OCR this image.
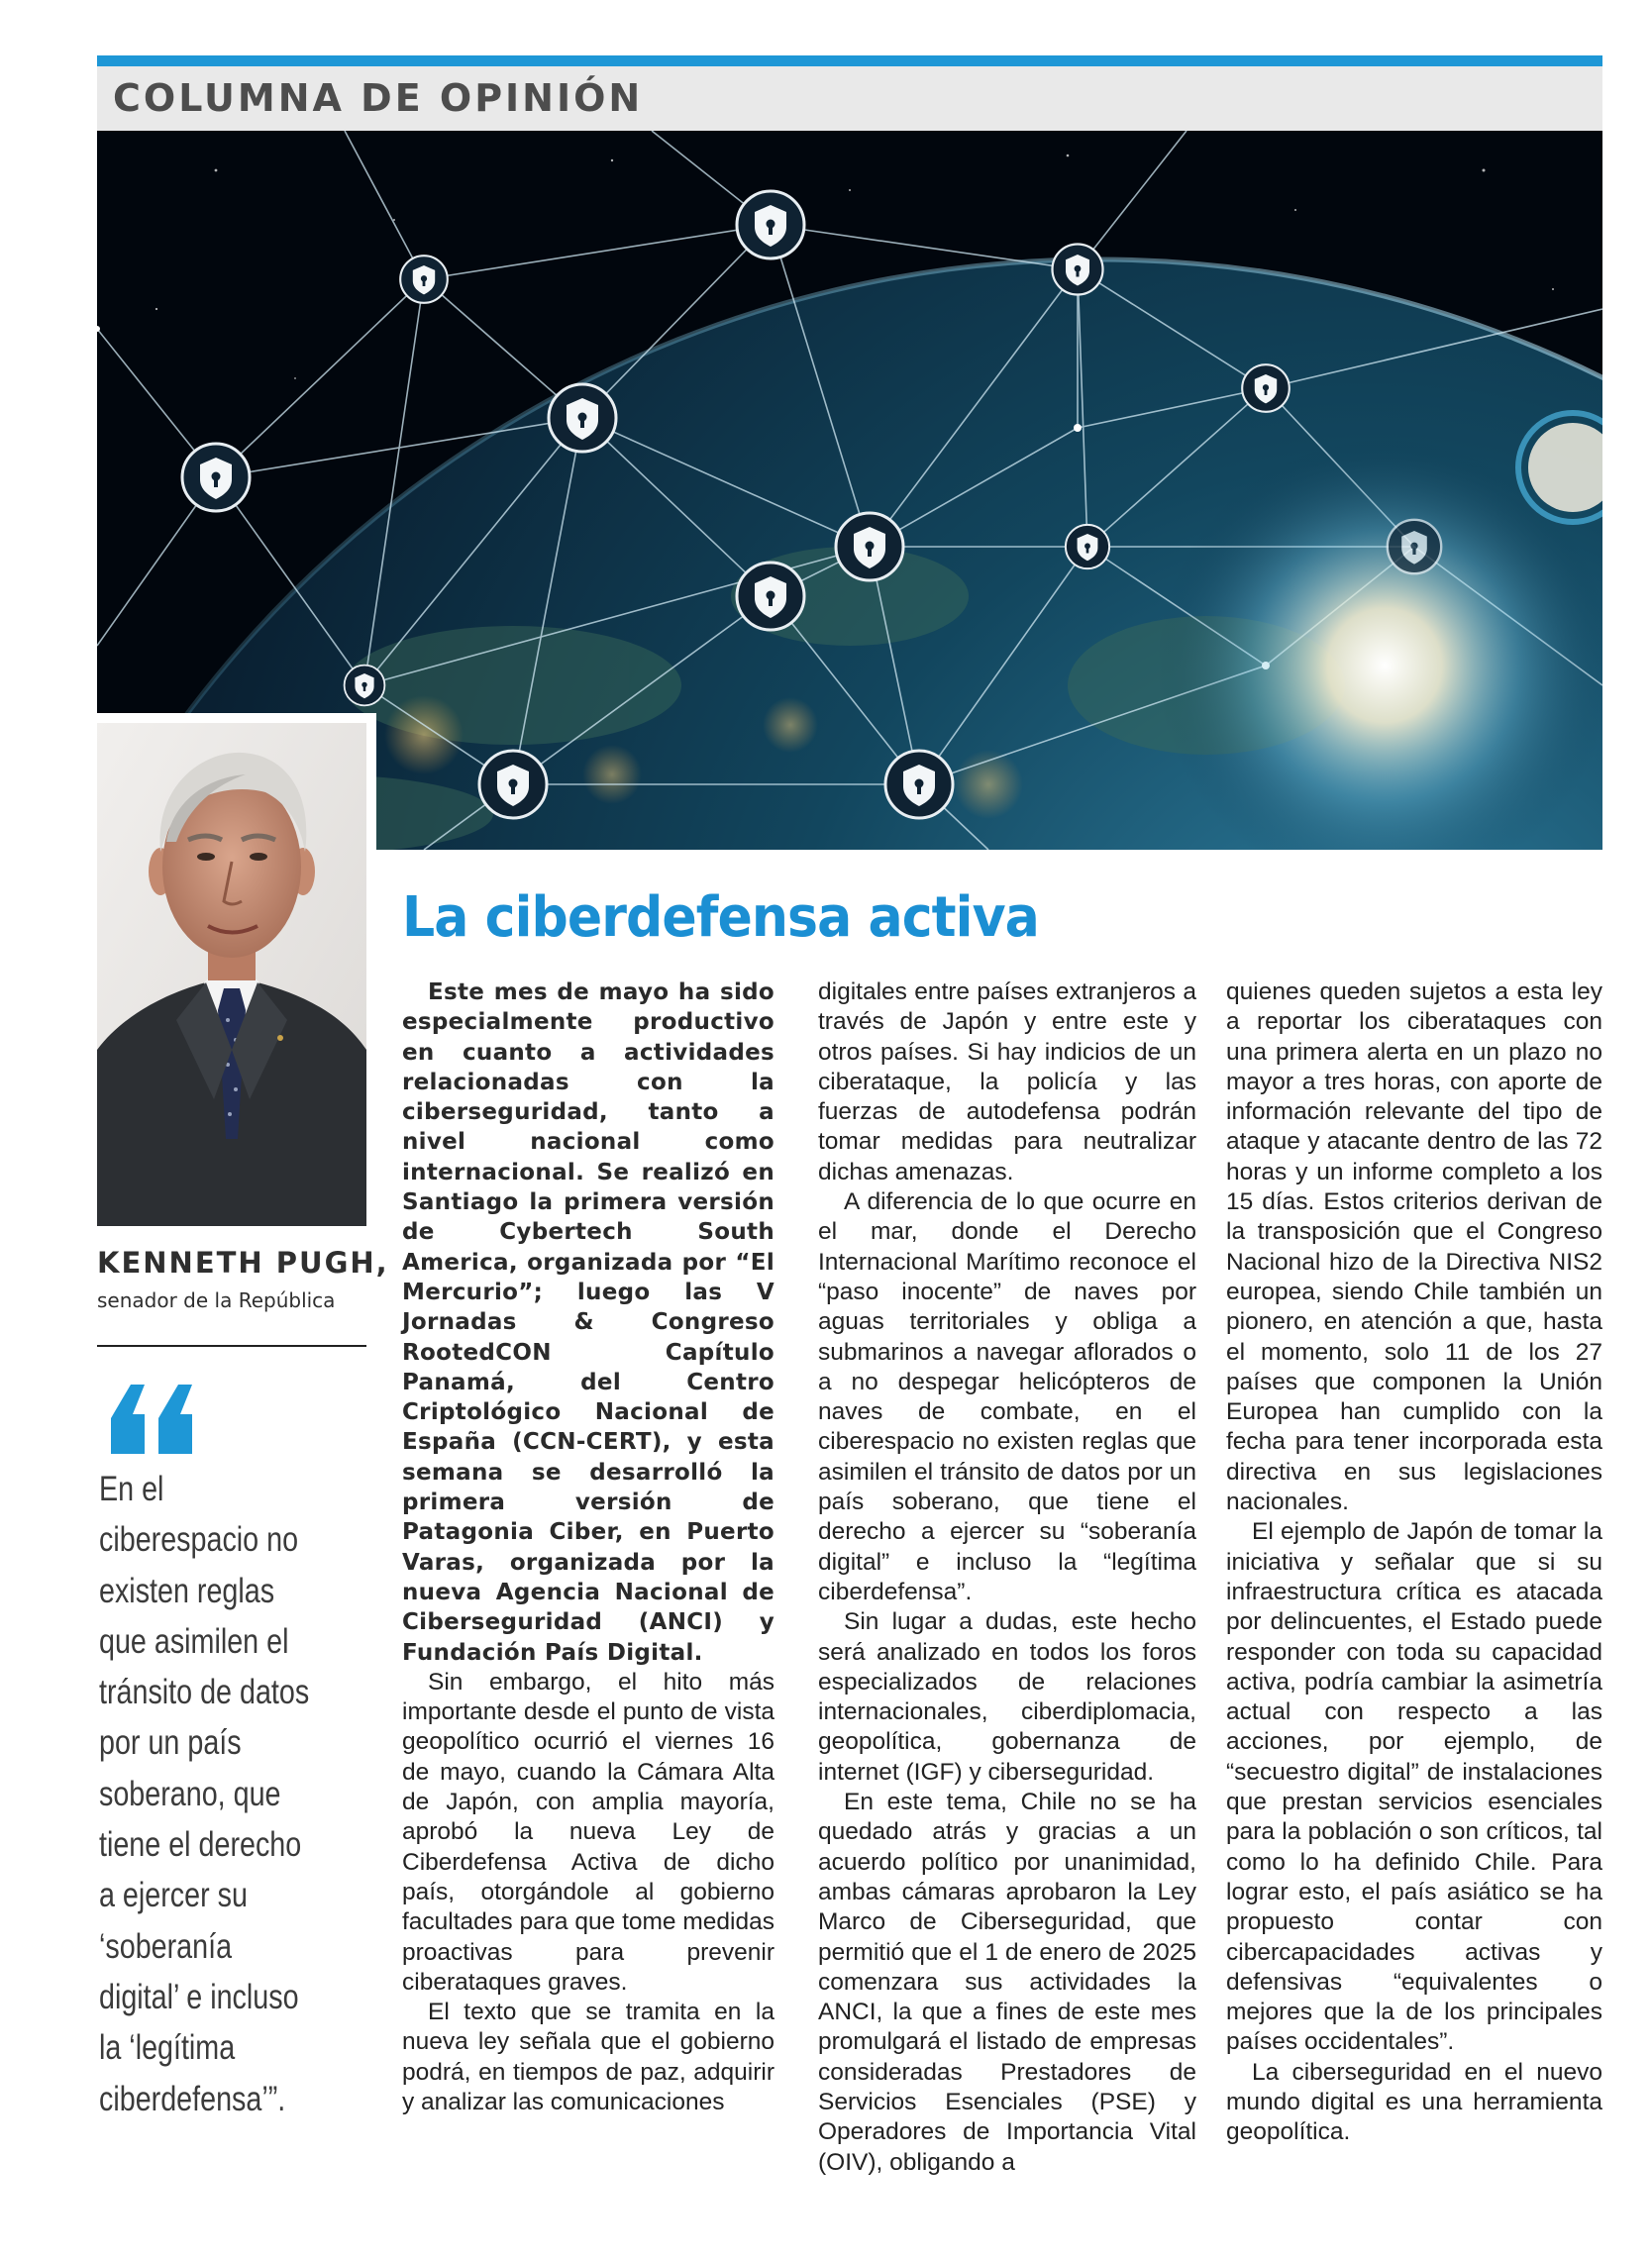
COLUMNA DE OPINIÓN
KENNETH PUGH,
senador de la República
En el
ciberespacio no
existen reglas
que asimilen el
tránsito de datos
por un país
soberano, que
tiene el derecho
a ejercer su
‘soberanía
digital’ e incluso
la ‘legítima
ciberdefensa’”.
La ciberdefensa activa

Este mes de mayo ha sido especialmente productivo en cuanto a actividades relacionadas con la ciberseguridad, tanto a nivel nacional como internacional. Se realizó en Santiago la primera versión de Cybertech South America, organizada por “El Mercurio”; luego las V Jornadas & Congreso RootedCON Capítulo Panamá, del Centro Criptológico Nacional de España (CCN-CERT), y esta semana se desarrolló la primera versión de Patagonia Ciber, en Puerto Varas, organizada por la nueva Agencia Nacional de Ciberseguridad (ANCI) y Fundación País Digital.

Sin embargo, el hito más importante desde el punto de vista geopolítico ocurrió el viernes 16 de mayo, cuando la Cámara Alta de Japón, con amplia mayoría, aprobó la nueva Ley de Ciberdefensa Activa de dicho país, otorgándole al gobierno facultades para que tome medidas proactivas para prevenir ciberataques graves.

El texto que se tramita en la nueva ley señala que el gobierno podrá, en tiempos de paz, adquirir y analizar las comunicaciones

digitales entre países extranjeros a través de Japón y entre este y otros países. Si hay indicios de un ciberataque, la policía y las fuerzas de autodefensa podrán tomar medidas para neutralizar dichas amenazas.

A diferencia de lo que ocurre en el mar, donde el Derecho Internacional Marítimo reconoce el “paso inocente” de naves por aguas territoriales y obliga a submarinos a navegar aflorados o a no despegar helicópteros de naves de combate, en el ciberespacio no existen reglas que asimilen el tránsito de datos por un país soberano, que tiene el derecho a ejercer su “soberanía digital” e incluso la “legítima ciberdefensa”.

Sin lugar a dudas, este hecho será analizado en todos los foros especializados de relaciones internacionales, ciberdiplomacia, geopolítica, gobernanza de internet (IGF) y ciberseguridad.

En este tema, Chile no se ha quedado atrás y gracias a un acuerdo político por unanimidad, ambas cámaras aprobaron la Ley Marco de Ciberseguridad, que permitió que el 1 de enero de 2025 comenzara sus actividades la ANCI, la que a fines de este mes promulgará el listado de empresas consideradas Prestadores de Servicios Esenciales (PSE) y Operadores de Importancia Vital (OIV), obligando a

quienes queden sujetos a esta ley a reportar los ciberataques con una primera alerta en un plazo no mayor a tres horas, con aporte de información relevante del tipo de ataque y atacante dentro de las 72 horas y un informe completo a los 15 días. Estos criterios derivan de la transposición que el Congreso Nacional hizo de la Directiva NIS2 europea, siendo Chile también un pionero, en atención a que, hasta el momento, solo 11 de los 27 países que componen la Unión Europea han cumplido con la fecha para tener incorporada esta directiva en sus legislaciones nacionales.

El ejemplo de Japón de tomar la iniciativa y señalar que si su infraestructura crítica es atacada por delincuentes, el Estado puede responder con toda su capacidad activa, podría cambiar la asimetría actual con respecto a las acciones, por ejemplo, de “secuestro digital” de instalaciones que prestan servicios esenciales para la población o son críticos, tal como lo ha definido Chile. Para lograr esto, el país asiático se ha propuesto contar con cibercapacidades activas y defensivas “equivalentes o mejores que la de los principales países occidentales”.

La ciberseguridad en el nuevo mundo digital es una herramienta geopolítica.
